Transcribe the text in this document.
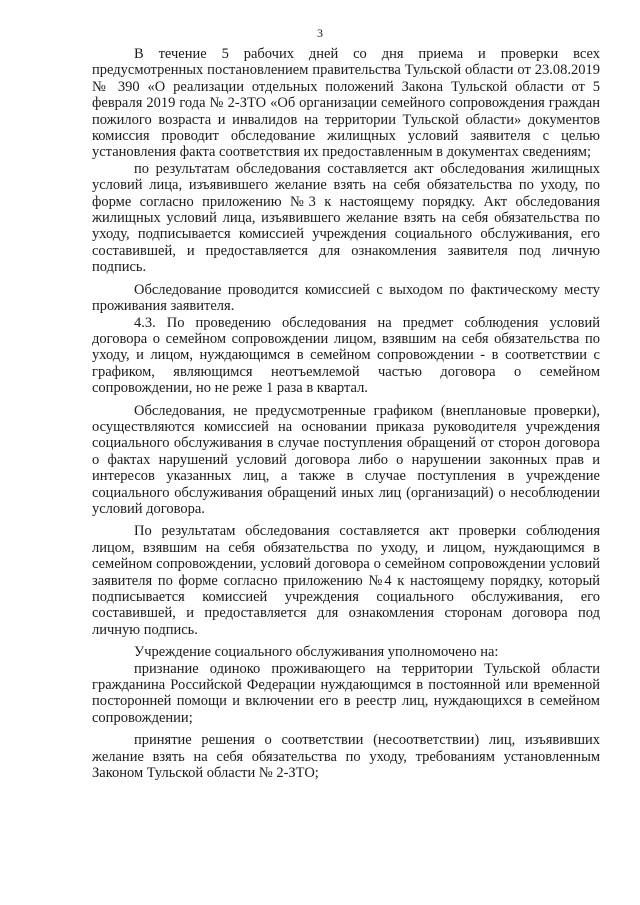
3

В течение 5 рабочих дней со дня приема и проверки всех предусмотренных постановлением правительства Тульской области от 23.08.2019 № 390 «О реализации отдельных положений Закона Тульской области от 5 февраля 2019 года № 2-ЗТО «Об организации семейного сопровождения граждан пожилого возраста и инвалидов на территории Тульской области» документов комиссия проводит обследование жилищных условий заявителя с целью установления факта соответствия их предоставленным в документах сведениям;

по результатам обследования составляется акт обследования жилищных условий лица, изъявившего желание взять на себя обязательства по уходу, по форме согласно приложению №3 к настоящему порядку. Акт обследования жилищных условий лица, изъявившего желание взять на себя обязательства по уходу, подписывается комиссией учреждения социального обслуживания, его составившей, и предоставляется для ознакомления заявителя под личную подпись.

Обследование проводится комиссией с выходом по фактическому месту проживания заявителя.

4.3. По проведению обследования на предмет соблюдения условий договора о семейном сопровождении лицом, взявшим на себя обязательства по уходу, и лицом, нуждающимся в семейном сопровождении - в соответствии с графиком, являющимся неотъемлемой частью договора о семейном сопровождении, но не реже 1 раза в квартал.

Обследования, не предусмотренные графиком (внеплановые проверки), осуществляются комиссией на основании приказа руководителя учреждения социального обслуживания в случае поступления обращений от сторон договора о фактах нарушений условий договора либо о нарушении законных прав и интересов указанных лиц, а также в случае поступления в учреждение социального обслуживания обращений иных лиц (организаций) о несоблюдении условий договора.

По результатам обследования составляется акт проверки соблюдения лицом, взявшим на себя обязательства по уходу, и лицом, нуждающимся в семейном сопровождении, условий договора о семейном сопровождении условий заявителя по форме согласно приложению №4 к настоящему порядку, который подписывается комиссией учреждения социального обслуживания, его составившей, и предоставляется для ознакомления сторонам договора под личную подпись.

Учреждение социального обслуживания уполномочено на:

признание одиноко проживающего на территории Тульской области гражданина Российской Федерации нуждающимся в постоянной или временной посторонней помощи и включении его в реестр лиц, нуждающихся в семейном сопровождении;

принятие решения о соответствии (несоответствии) лиц, изъявивших желание взять на себя обязательства по уходу, требованиям установленным Законом Тульской области № 2-ЗТО;
